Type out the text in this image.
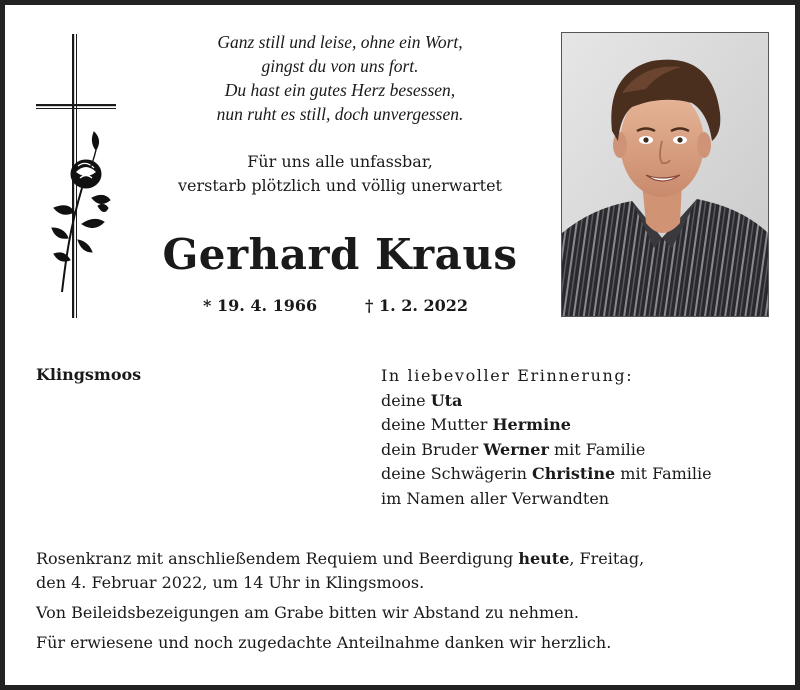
Ganz still und leise, ohne ein Wort,
gingst du von uns fort.
Du hast ein gutes Herz besessen,
nun ruht es still, doch unvergessen.
Für uns alle unfassbar,
verstarb plötzlich und völlig unerwartet
Gerhard Kraus
* 19. 4. 1966	† 1. 2. 2022
Klingsmoos	In liebevoller Erinnerung:
deine Uta
deine Mutter Hermine
dein Bruder Werner mit Familie
deine Schwägerin Christine mit Familie
im Namen aller Verwandten
Rosenkranz mit anschließendem Requiem und Beerdigung heute, Freitag,
den 4. Februar 2022, um 14 Uhr in Klingsmoos.
Von Beileidsbezeigungen am Grabe bitten wir Abstand zu nehmen.
Für erwiesene und noch zugedachte Anteilnahme danken wir herzlich.
